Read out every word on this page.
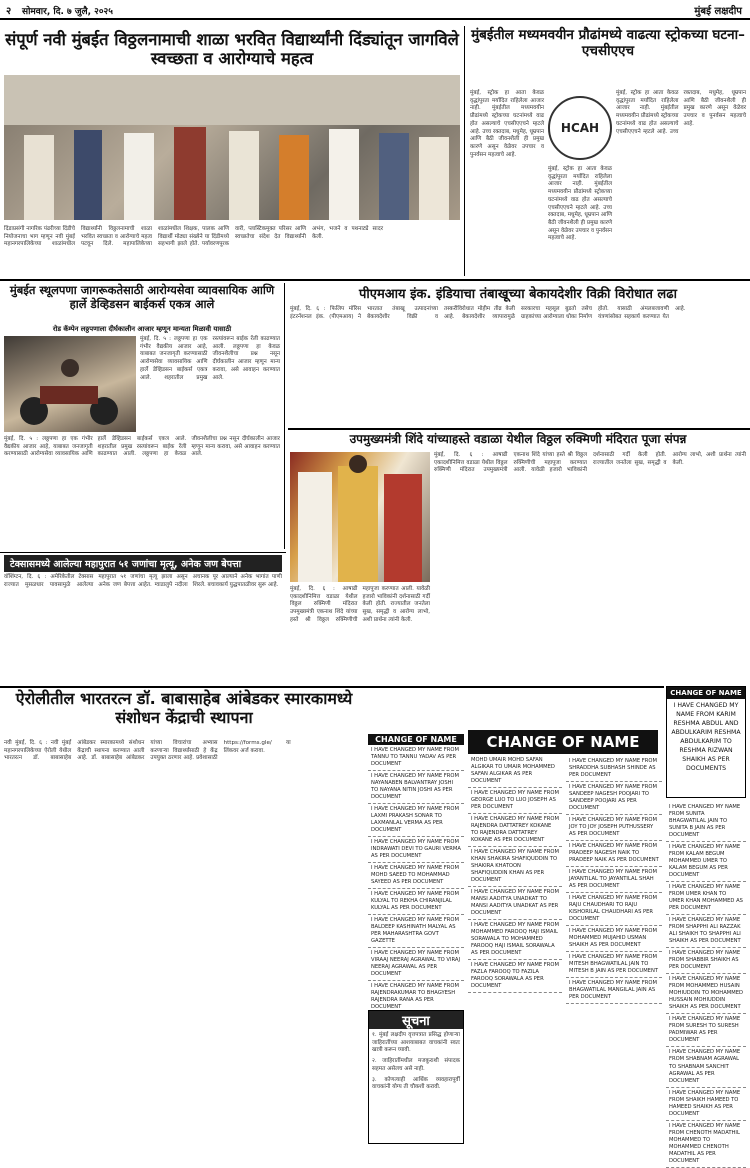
२ सोमवार, दि. ७ जुलै, २०२५	मुंबई लक्षदीप
संपूर्ण नवी मुंबईत विठ्ठलनामाची शाळा भरवित विद्यार्थ्यांनी दिंड्यांतून जागविले स्वच्छता व आरोग्याचे महत्व
दिंडाप्रसंगी नागरिक पंढरीच्या दिंडीचे नियोजनाचा भाग म्हणून नवी मुंबई महानगरपालिकेच्या शाळांमधील विद्यार्थ्यांनी विठ्ठलनामाची शाळा भरवित स्वच्छता व आरोग्याचे महत्व पटवून दिले. महापालिकेच्या शाळांमधील शिक्षक, पालक आणि विद्यार्थी मोठ्या संख्येने या दिंडीमध्ये सहभागी झाले होते. पर्यावरणपूरक वारी, प्लास्टिकमुक्त परिसर आणि स्वच्छतेचा संदेश देत विद्यार्थ्यांनी अभंग, भजने व पथनाट्ये सादर केली.
मुंबईतील मध्यमवयीन प्रौढांमध्ये वाढत्या स्ट्रोकच्या घटना–एचसीएएच
HCAH
मुंबई, स्ट्रोक हा आता केवळ वृद्धांपुरता मर्यादित राहिलेला आजार नाही. मुंबईतील मध्यमवयीन प्रौढांमध्ये स्ट्रोकच्या घटनांमध्ये वाढ होत असल्याचे एचसीएएचने म्हटले आहे. उच्च रक्तदाब, मधुमेह, धूम्रपान आणि बैठी जीवनशैली ही प्रमुख कारणे असून वेळेवर उपचार व पुनर्वसन महत्वाचे आहे.
मुंबई, स्ट्रोक हा आता केवळ वृद्धांपुरता मर्यादित राहिलेला आजार नाही. मुंबईतील मध्यमवयीन प्रौढांमध्ये स्ट्रोकच्या घटनांमध्ये वाढ होत असल्याचे एचसीएएचने म्हटले आहे. उच्च रक्तदाब, मधुमेह, धूम्रपान आणि बैठी जीवनशैली ही प्रमुख कारणे असून वेळेवर उपचार व पुनर्वसन महत्वाचे आहे.
मुंबई, स्ट्रोक हा आता केवळ वृद्धांपुरता मर्यादित राहिलेला आजार नाही. मुंबईतील मध्यमवयीन प्रौढांमध्ये स्ट्रोकच्या घटनांमध्ये वाढ होत असल्याचे एचसीएएचने म्हटले आहे. उच्च रक्तदाब, मधुमेह, धूम्रपान आणि बैठी जीवनशैली ही प्रमुख कारणे असून वेळेवर उपचार व पुनर्वसन महत्वाचे आहे.
मुंबईत स्थूलपणा जागरूकतेसाठी आरोग्यसेवा व्यावसायिक आणि हार्ले डेव्हिडसन बाईकर्स एकत्र आले
रोड कॅम्पेन लठ्ठपणाला दीर्घकालीन आजार म्हणून मान्यता मिळावी यासाठी
मुंबई, दि. ५ : लठ्ठपणा हा एक गंभीर वैद्यकीय आजार आहे, याबाबत जनजागृती करण्यासाठी आरोग्यसेवा व्यावसायिक आणि हार्ले डेव्हिडसन बाईकर्स एकत्र आले. शहरातील प्रमुख रस्त्यांवरून बाईक रॅली काढण्यात आली. लठ्ठपणा हा केवळ जीवनशैलीचा प्रश्न नसून दीर्घकालीन आजार म्हणून मान्य करावा, असे आवाहन करण्यात आले.
मुंबई, दि. ५ : लठ्ठपणा हा एक गंभीर वैद्यकीय आजार आहे, याबाबत जनजागृती करण्यासाठी आरोग्यसेवा व्यावसायिक आणि हार्ले डेव्हिडसन बाईकर्स एकत्र आले. शहरातील प्रमुख रस्त्यांवरून बाईक रॅली काढण्यात आली. लठ्ठपणा हा केवळ जीवनशैलीचा प्रश्न नसून दीर्घकालीन आजार म्हणून मान्य करावा, असे आवाहन करण्यात आले.
पीएमआय इंक. इंडियाचा तंबाखूच्या बेकायदेशीर विक्री विरोधात लढा
मुंबई, दि. ६ : फिलिप मॉरिस इंटरनॅशनल इंक. (पीएमआय) ने भारतात तंबाखू उत्पादनांच्या बेकायदेशीर विक्री व तस्करीविरोधात मोहीम तीव्र केली आहे. बेकायदेशीर व्यापारामुळे सरकारचा महसूल बुडतो तसेच ग्राहकांच्या आरोग्याला धोका निर्माण होतो. यासाठी अंमलबजावणी यंत्रणांसोबत सहकार्य करण्यात येत आहे.
उपमुख्यमंत्री शिंदे यांच्याहस्ते वडाळा येथील विठ्ठल रुक्मिणी मंदिरात पूजा संपन्न
मुंबई, दि. ६ : आषाढी एकादशीनिमित्त वडाळा येथील विठ्ठल रुक्मिणी मंदिरात उपमुख्यमंत्री एकनाथ शिंदे यांच्या हस्ते श्री विठ्ठल रुक्मिणीची महापूजा करण्यात आली. यावेळी हजारो भाविकांनी दर्शनासाठी गर्दी केली होती. राज्यातील जनतेला सुख, समृद्धी व आरोग्य लाभो, अशी प्रार्थना त्यांनी केली.
मुंबई, दि. ६ : आषाढी एकादशीनिमित्त वडाळा येथील विठ्ठल रुक्मिणी मंदिरात उपमुख्यमंत्री एकनाथ शिंदे यांच्या हस्ते श्री विठ्ठल रुक्मिणीची महापूजा करण्यात आली. यावेळी हजारो भाविकांनी दर्शनासाठी गर्दी केली होती. राज्यातील जनतेला सुख, समृद्धी व आरोग्य लाभो, अशी प्रार्थना त्यांनी केली.
CHANGE OF NAME
I HAVE CHANGED MY NAME FROM KARIM RESHMA ABDUL AND ABDULKARIM RESHMA ABDULKARIM TO RESHMA RIZWAN SHAIKH AS PER DOCUMENTS
टेक्सासमध्ये आलेल्या महापुरात ५१ जणांचा मृत्यू, अनेक जण बेपत्ता
वॉशिंग्टन, दि. ६ : अमेरिकेतील टेक्सास राज्यात मुसळधार पावसामुळे आलेल्या महापुरात ५१ जणांचा मृत्यू झाला असून अनेक जण बेपत्ता आहेत. ग्वाडालुपे नदीला अचानक पूर आल्याने अनेक भागांत पाणी शिरले. बचावकार्य युद्धपातळीवर सुरू आहे.
ऐरोलीतील भारतरत्न डॉ. बाबासाहेब आंबेडकर स्मारकामध्ये संशोधन केंद्राची स्थापना
नवी मुंबई, दि. ६ : नवी मुंबई महानगरपालिकेच्या ऐरोली येथील भारतरत्न डॉ. बाबासाहेब आंबेडकर स्मारकामध्ये संशोधन केंद्राची स्थापना करण्यात आली आहे. डॉ. बाबासाहेब आंबेडकर यांच्या विचारांचा अभ्यास करणाऱ्या विद्यार्थ्यांसाठी हे केंद्र उपयुक्त ठरणार आहे. प्रवेशासाठी https://forms.gle/ या लिंकवर अर्ज करावा.
CHANGE OF NAME
I HAVE CHANGED MY NAME FROM TANNU TO TANNU YADAV AS PER DOCUMENT
I HAVE CHANGED MY NAME FROM NAYANABEN BALVANTRAY JOSHI TO NAYANA NITIN JOSHI AS PER DOCUMENT
I HAVE CHANGED MY NAME FROM LAXMI PRAKASH SONAR TO LAXMANLAL VERMA AS PER DOCUMENT
I HAVE CHANGED MY NAME FROM INDRAWATI DEVI TO GAURI VERMA AS PER DOCUMENT
I HAVE CHANGED MY NAME FROM MOHD SAEED TO MOHAMMAD SAYEED AS PER DOCUMENT
I HAVE CHANGED MY NAME FROM KULYAL TO REKHA CHIRANJILAL KULYAL AS PER DOCUMENT
I HAVE CHANGED MY NAME FROM BALDEEP KASHINATH MALYAL AS PER MAHARASHTRA GOVT GAZETTE
I HAVE CHANGED MY NAME FROM VIRAAJ NEERAJ AGRAWAL TO VIRAJ NEERAJ AGRAWAL AS PER DOCUMENT
I HAVE CHANGED MY NAME FROM RAJENDRAKUMAR TO BHAGYESH RAJENDRA RANA AS PER DOCUMENT
MOHD UMAIR MOHD SAFAN ALGIKAR TO UMAIR MOHAMMED SAFAN ALGIKAR AS PER DOCUMENT
I HAVE CHANGED MY NAME FROM GEORGE LUO TO LUO JOSEPH AS PER DOCUMENT
I HAVE CHANGED MY NAME FROM RAJENDRA DATTATREY KOKANE TO RAJENDRA DATTATREY KOKANE AS PER DOCUMENT
I HAVE CHANGED MY NAME FROM KHAN SHAKIRA SHAFIQUDDIN TO SHAKIRA KHATOON SHAFIQUDDIN KHAN AS PER DOCUMENT
I HAVE CHANGED MY NAME FROM MANSI AADITYA UNADKAT TO MANSI AADITYA UNADKAT AS PER DOCUMENT
I HAVE CHANGED MY NAME FROM MOHAMMED FAROOQ HAJI ISMAIL SORAWALA TO MOHAMMED FAROOQ HAJI ISMAIL SORAWALA AS PER DOCUMENT
I HAVE CHANGED MY NAME FROM FAZLA FAROOQ TO FAZILA FAROOQ SORAWALA AS PER DOCUMENT
CHANGE OF NAME
I HAVE CHANGED MY NAME FROM SHRADDHA SUBHASH SHINDE AS PER DOCUMENT
I HAVE CHANGED MY NAME FROM SANDEEP NAGESH POOJARI TO SANDEEP POOJARI AS PER DOCUMENT
I HAVE CHANGED MY NAME FROM JOY TO JOY JOSEPH PUTHUSSERY AS PER DOCUMENT
I HAVE CHANGED MY NAME FROM PRADEEP NAGESH NAIK TO PRADEEP NAIK AS PER DOCUMENT
I HAVE CHANGED MY NAME FROM JAYANTILAL TO JAYANTILAL SHAH AS PER DOCUMENT
I HAVE CHANGED MY NAME FROM RAJU CHAUDHARI TO RAJU KISHORILAL CHAUDHARI AS PER DOCUMENT
I HAVE CHANGED MY NAME FROM MOHAMMED MUJAHID USMAN SHAIKH AS PER DOCUMENT
I HAVE CHANGED MY NAME FROM MITESH BHAGWATILAL JAIN TO MITESH B JAIN AS PER DOCUMENT
I HAVE CHANGED MY NAME FROM BHAGWATILAL MANGILAL JAIN AS PER DOCUMENT
I HAVE CHANGED MY NAME FROM SUNITA BHAGWATILAL JAIN TO SUNITA B JAIN AS PER DOCUMENT
I HAVE CHANGED MY NAME FROM KALAM BEGUM MOHAMMED UMER TO KALAM BEGUM AS PER DOCUMENT
I HAVE CHANGED MY NAME FROM UMER KHAN TO UMER KHAN MOHAMMED AS PER DOCUMENT
I HAVE CHANGED MY NAME FROM SHAPPHI ALI RAZZAK ALI SHAIKH TO SHAPPHI ALI SHAIKH AS PER DOCUMENT
I HAVE CHANGED MY NAME FROM SHABBIR SHAIKH AS PER DOCUMENT
I HAVE CHANGED MY NAME FROM MOHAMMED HUSAIN MOHIUDDIN TO MOHAMMED HUSSAIN MOHIUDDIN SHAIKH AS PER DOCUMENT
I HAVE CHANGED MY NAME FROM SURESH TO SURESH PADMIWAR AS PER DOCUMENT
I HAVE CHANGED MY NAME FROM SHABNAM AGRAWAL TO SHABNAM SANCHIT AGRAWAL AS PER DOCUMENT
I HAVE CHANGED MY NAME FROM SHAIKH HAMEED TO HAMEED SHAIKH AS PER DOCUMENT
I HAVE CHANGED MY NAME FROM CHENOTH MADATHIL MOHAMMED TO MOHAMMED CHENOTH MADATHIL AS PER DOCUMENT
सूचना
१. मुंबई लक्षदीप वृत्तपत्रात प्रसिद्ध होणाऱ्या जाहिरातींच्या आशयाबाबत वाचकांनी स्वतः खात्री करून घ्यावी.
२. जाहिरातींमधील मजकुराशी संपादक सहमत असेलच असे नाही.
३. कोणत्याही आर्थिक व्यवहारापूर्वी वाचकांनी योग्य ती चौकशी करावी.
